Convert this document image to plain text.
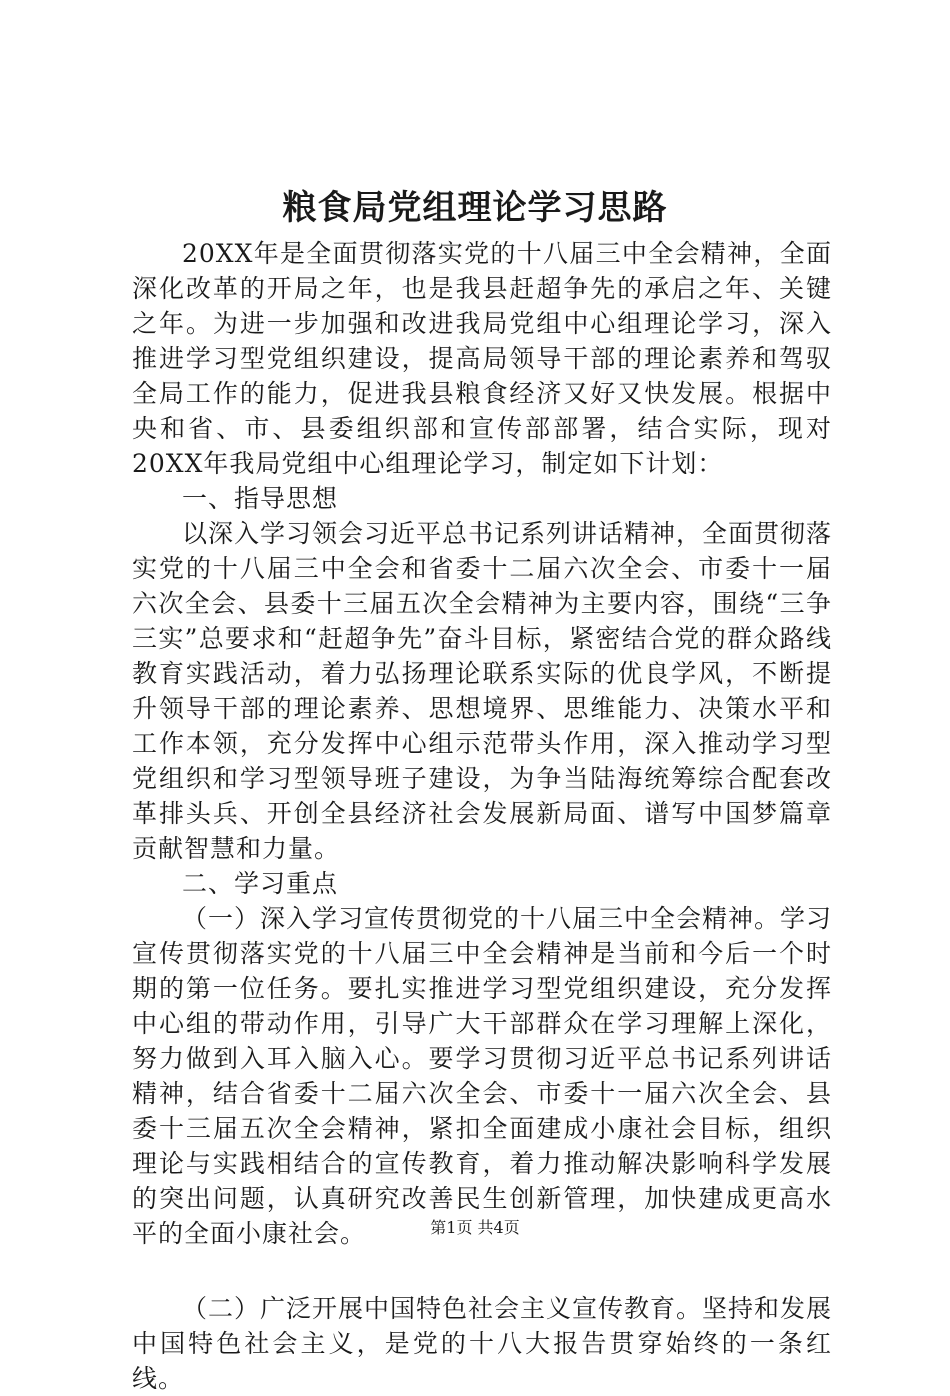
粮食局党组理论学习思路

20XX年是全面贯彻落实党的十八届三中全会精神，全面深化改革的开局之年，也是我县赶超争先的承启之年、关键之年。为进一步加强和改进我局党组中心组理论学习，深入推进学习型党组织建设，提高局领导干部的理论素养和驾驭全局工作的能力，促进我县粮食经济又好又快发展。根据中央和省、市、县委组织部和宣传部部署，结合实际，现对20XX年我局党组中心组理论学习，制定如下计划：

一、指导思想

以深入学习领会习近平总书记系列讲话精神，全面贯彻落实党的十八届三中全会和省委十二届六次全会、市委十一届六次全会、县委十三届五次全会精神为主要内容，围绕“三争三实”总要求和“赶超争先”奋斗目标，紧密结合党的群众路线教育实践活动，着力弘扬理论联系实际的优良学风，不断提升领导干部的理论素养、思想境界、思维能力、决策水平和工作本领，充分发挥中心组示范带头作用，深入推动学习型党组织和学习型领导班子建设，为争当陆海统筹综合配套改革排头兵、开创全县经济社会发展新局面、谱写中国梦篇章贡献智慧和力量。

二、学习重点

（一）深入学习宣传贯彻党的十八届三中全会精神。学习宣传贯彻落实党的十八届三中全会精神是当前和今后一个时期的第一位任务。要扎实推进学习型党组织建设，充分发挥中心组的带动作用，引导广大干部群众在学习理解上深化，努力做到入耳入脑入心。要学习贯彻习近平总书记系列讲话精神，结合省委十二届六次全会、市委十一届六次全会、县委十三届五次全会精神，紧扣全面建成小康社会目标，组织理论与实践相结合的宣传教育，着力推动解决影响科学发展的突出问题，认真研究改善民生创新管理，加快建成更高水平的全面小康社会。

（二）广泛开展中国特色社会主义宣传教育。坚持和发展中国特色社会主义，是党的十八大报告贯穿始终的一条红线。

第1页 共4页
